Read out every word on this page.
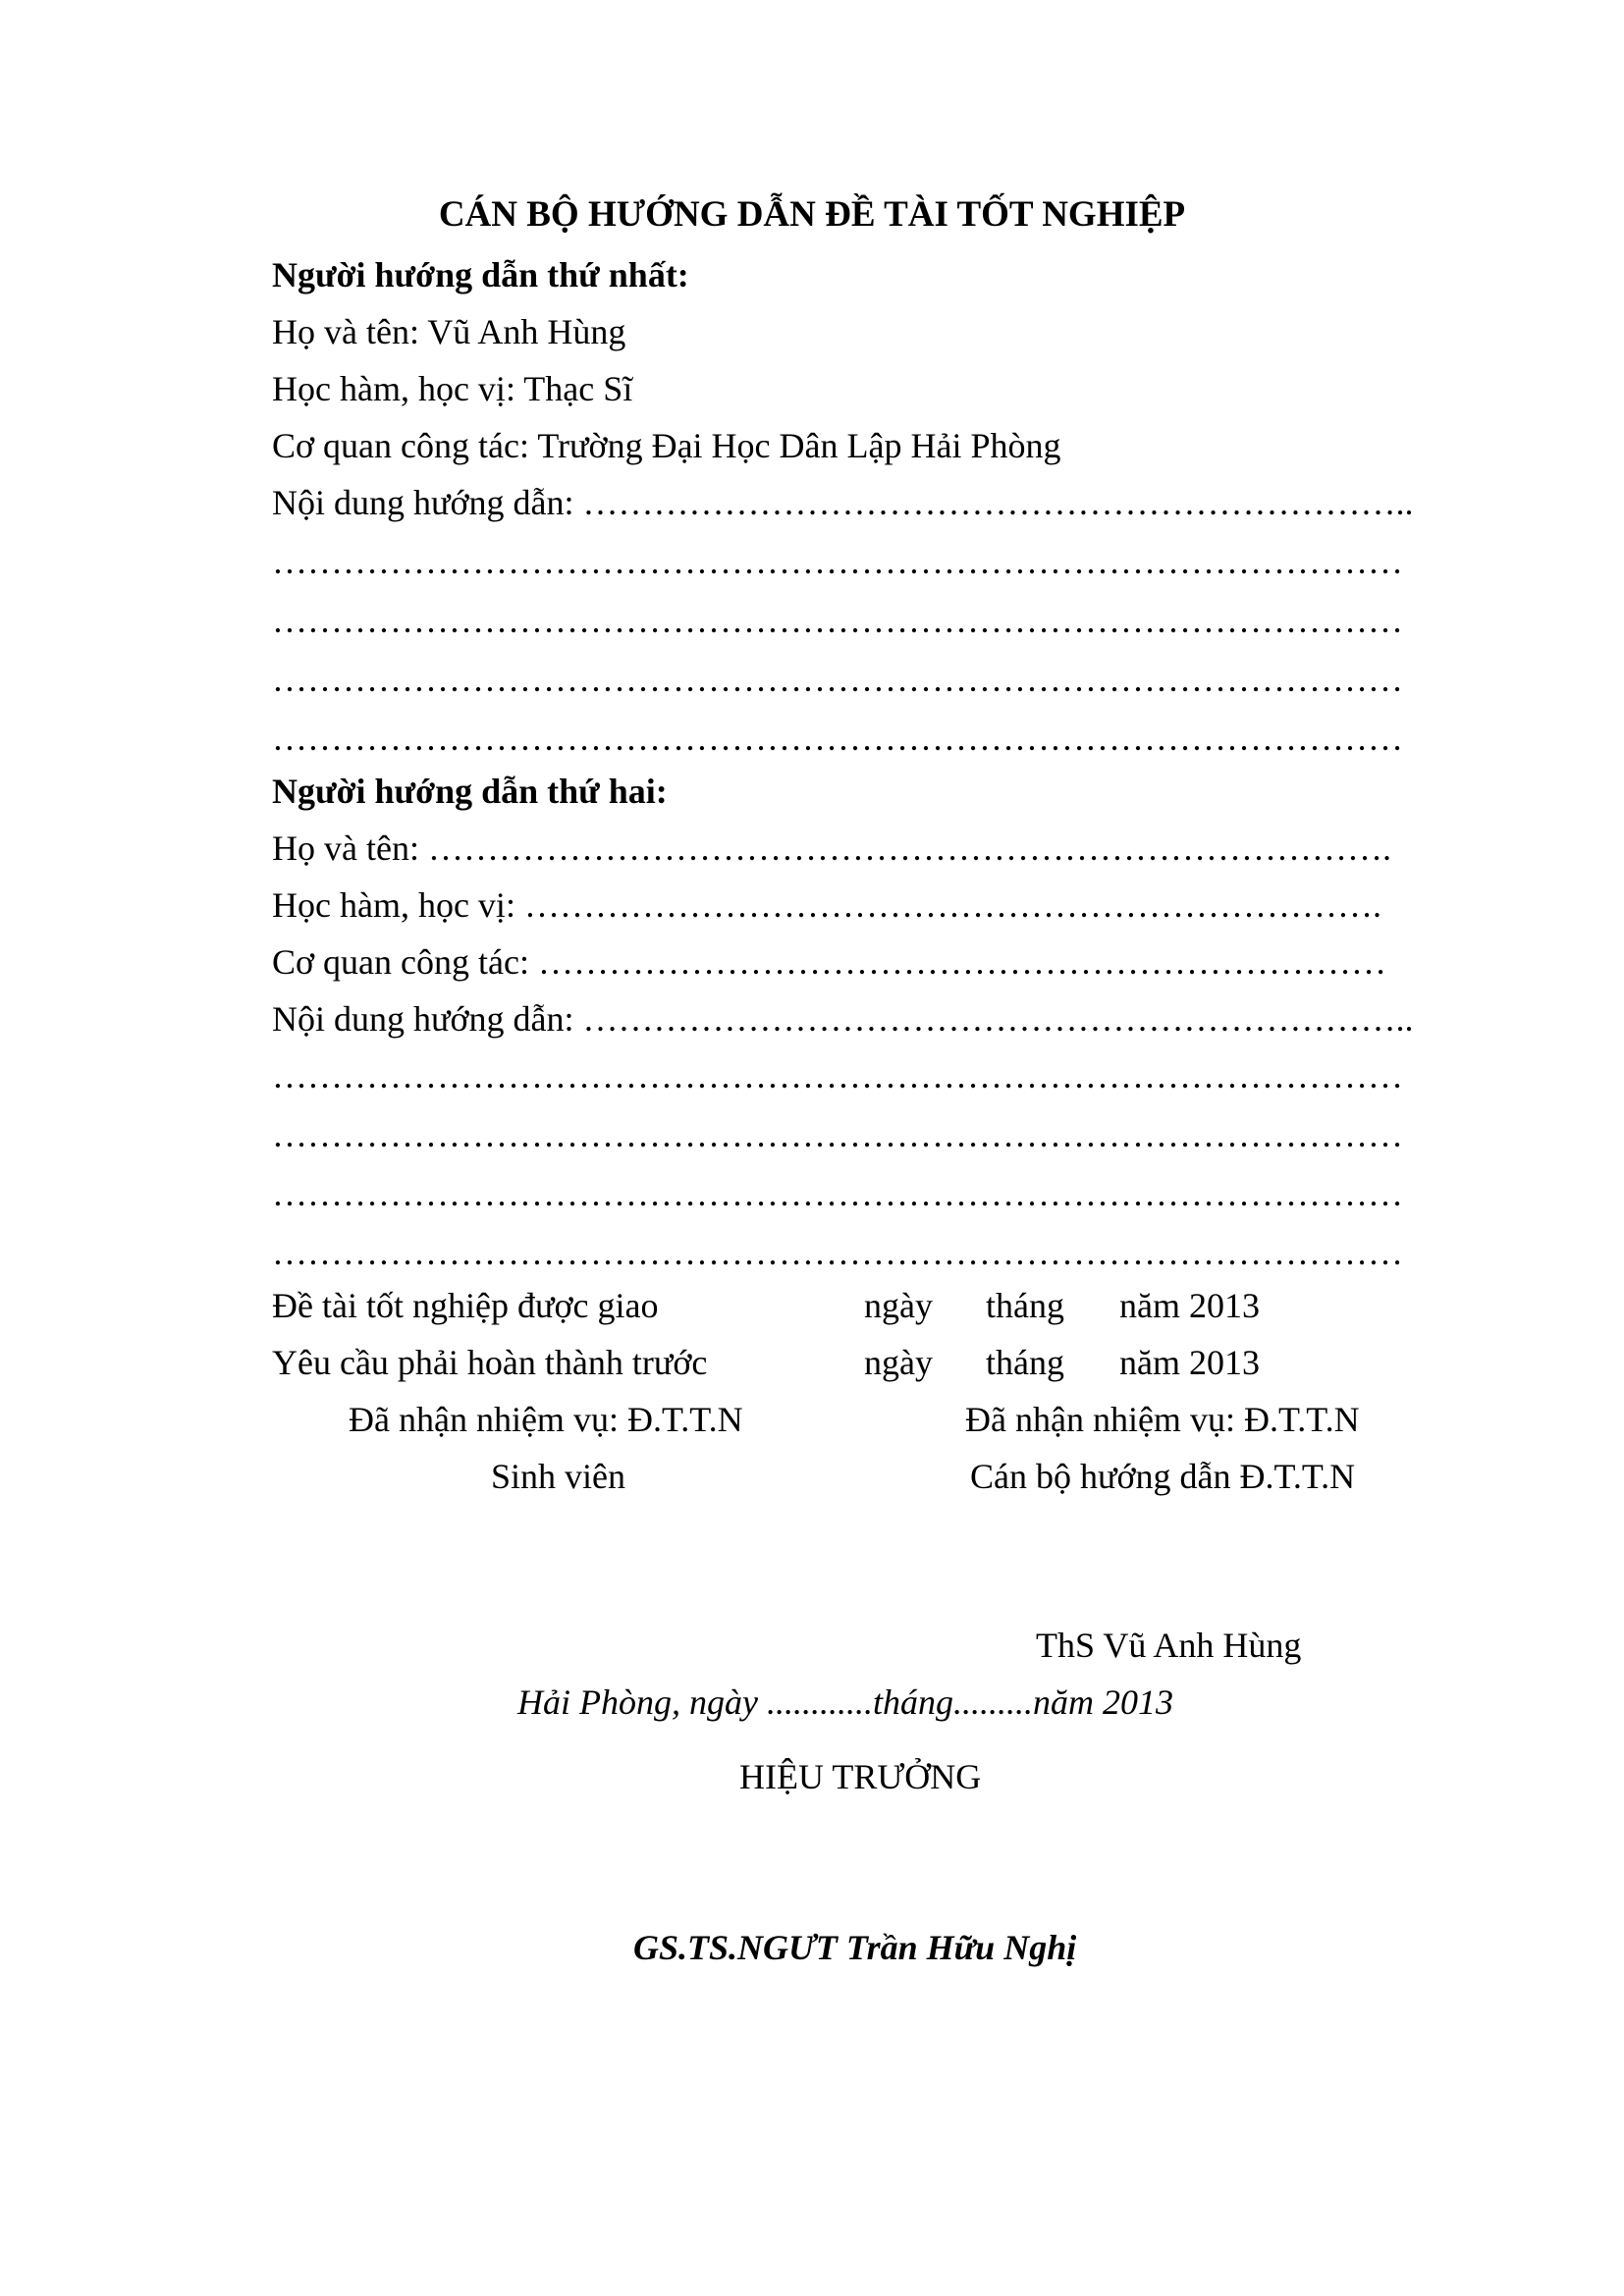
CÁN BỘ HƯỚNG DẪN ĐỀ TÀI TỐT NGHIỆP
Người hướng dẫn thứ nhất:
Họ và tên: Vũ Anh Hùng
Học hàm, học vị: Thạc Sĩ
Cơ quan công tác: Trường Đại Học Dân Lập Hải Phòng
Nội dung hướng dẫn: ……………………………………………………………..
……………………………………………………………………………………
……………………………………………………………………………………
……………………………………………………………………………………
……………………………………………………………………………………
Người hướng dẫn thứ hai:
Họ và tên: ……………………………………………………………………….
Học hàm, học vị: ……………………………………………………………….
Cơ quan công tác: ………………………………………………………………
Nội dung hướng dẫn: ……………………………………………………………..
……………………………………………………………………………………
……………………………………………………………………………………
……………………………………………………………………………………
……………………………………………………………………………………
Đề tài tốt nghiệp được giao	ngày tháng năm 2013
Yêu cầu phải hoàn thành trước	ngày tháng năm 2013
Đã nhận nhiệm vụ: Đ.T.T.N	Đã nhận nhiệm vụ: Đ.T.T.N
Sinh viên	Cán bộ hướng dẫn Đ.T.T.N
ThS Vũ Anh Hùng
Hải Phòng, ngày ............tháng.........năm 2013
HIỆU TRƯỞNG
GS.TS.NGƯT Trần Hữu Nghị
